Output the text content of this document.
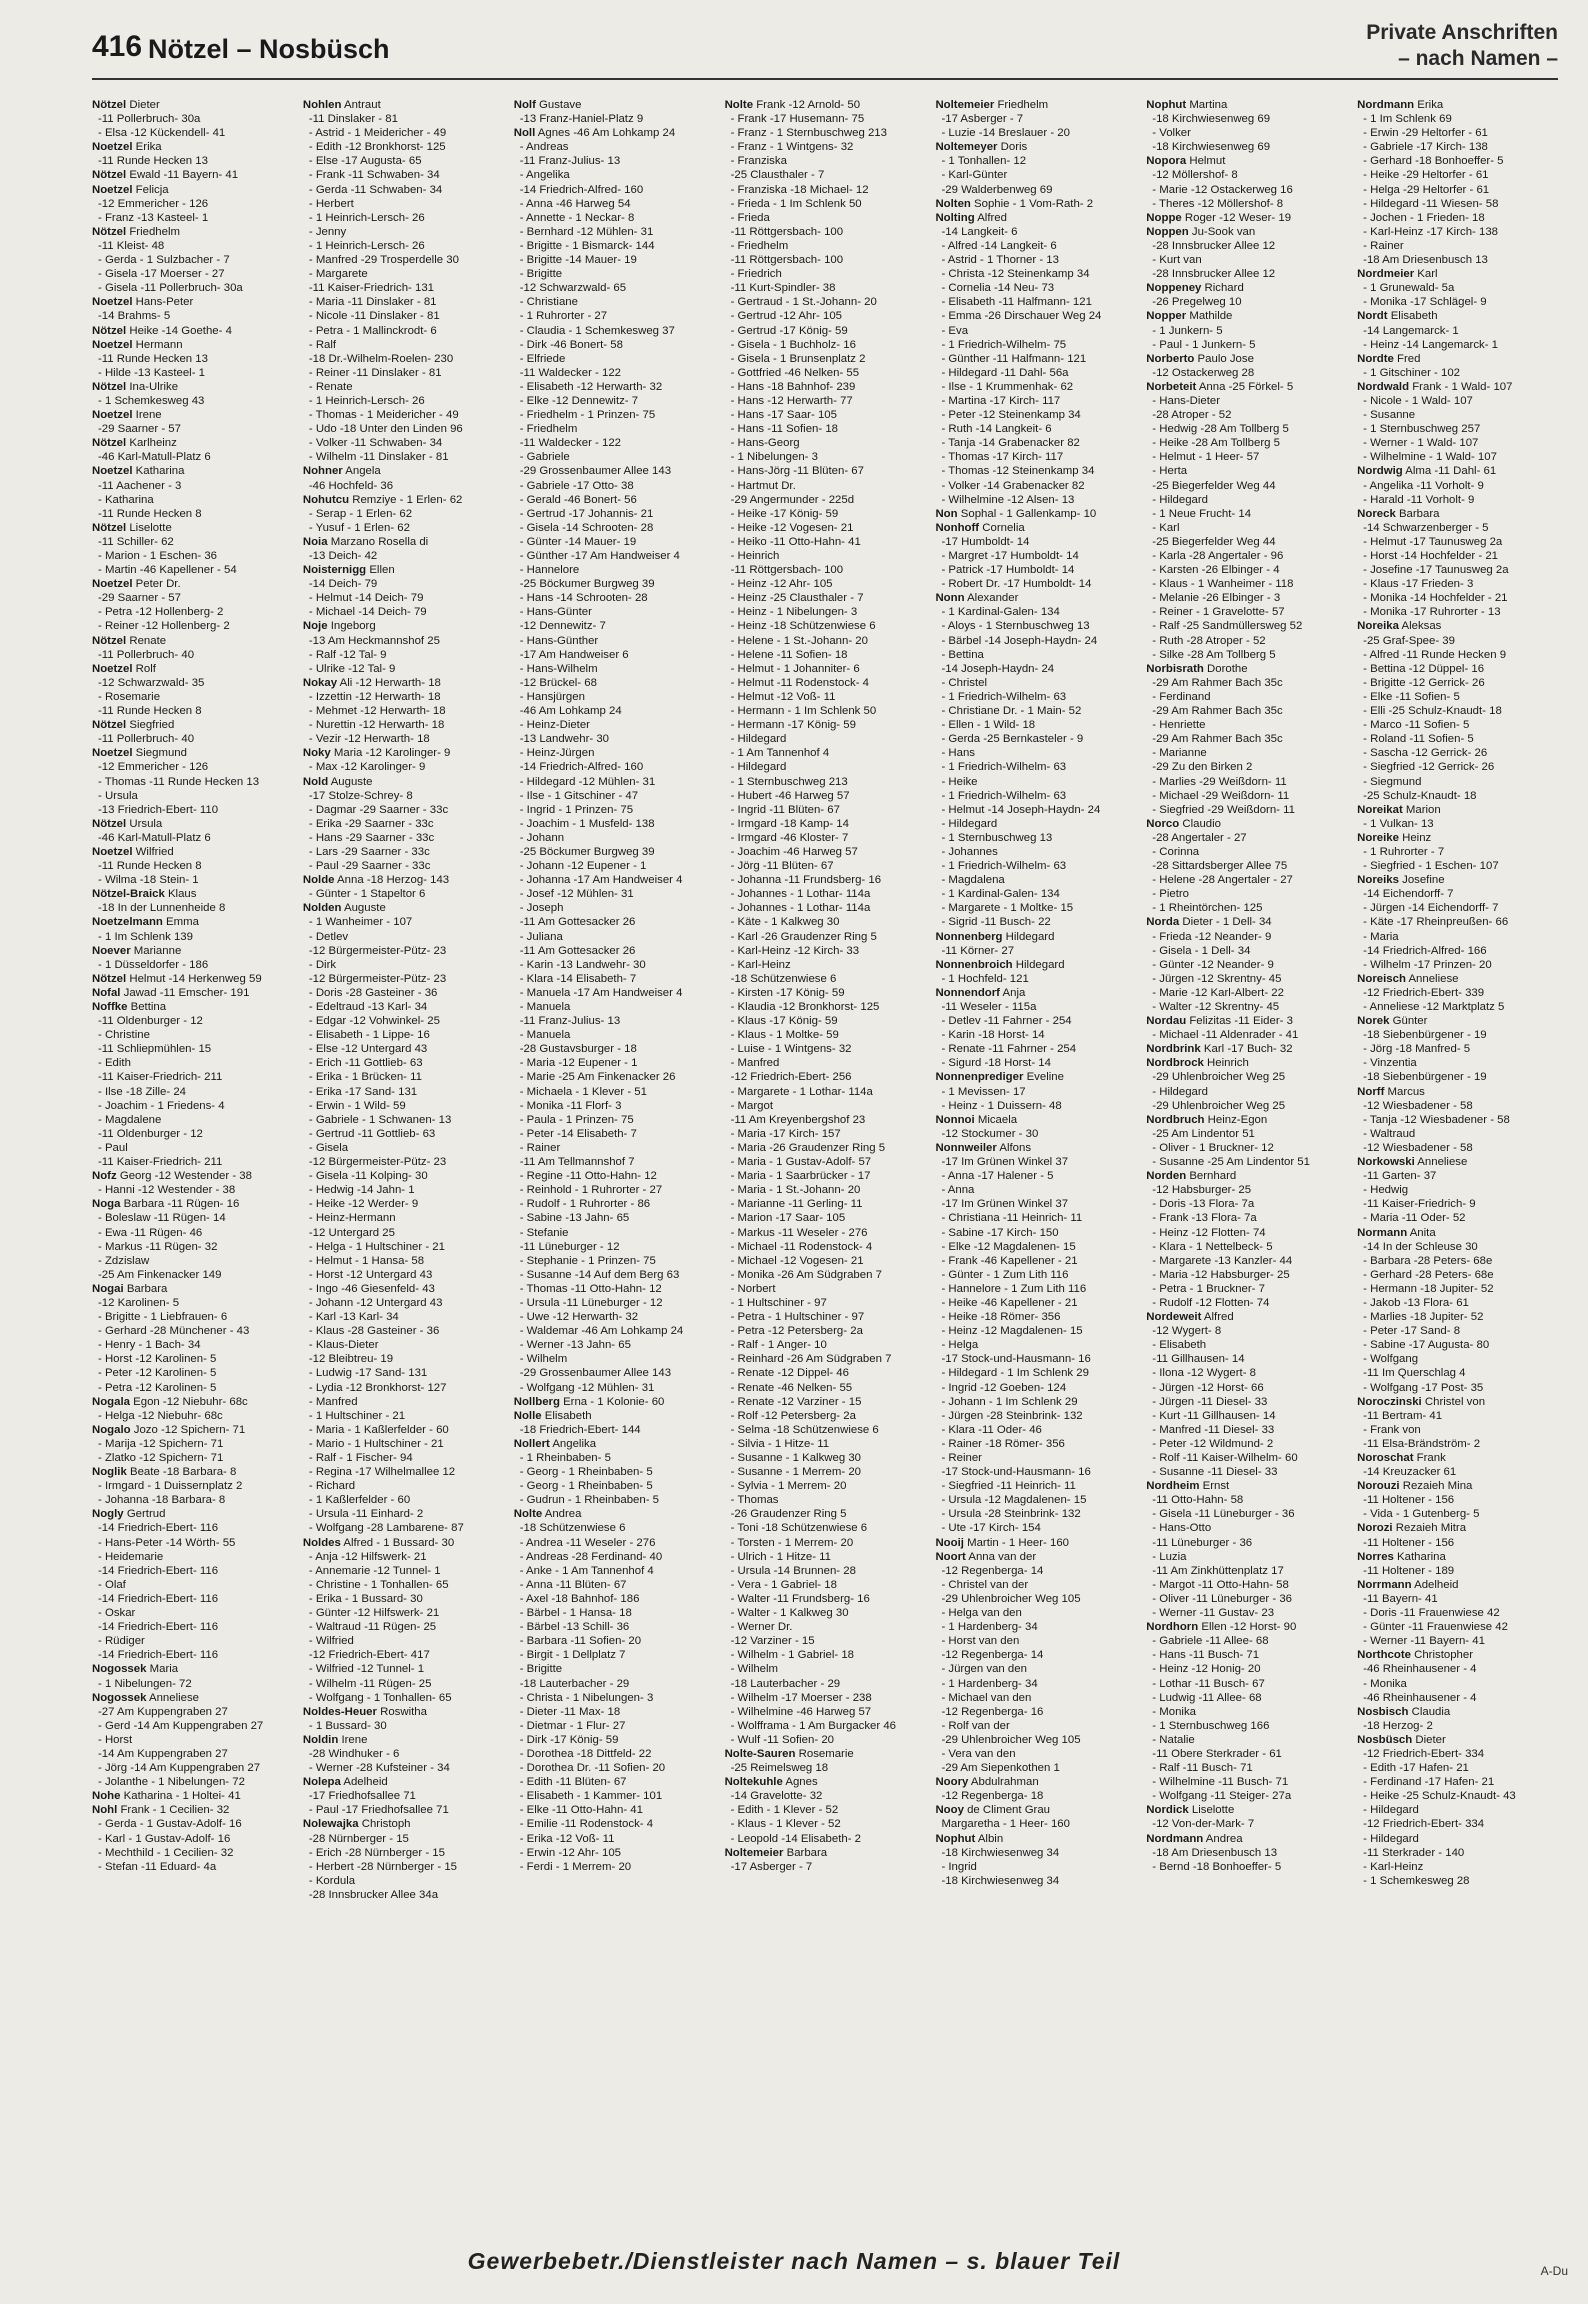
416 Nötzel – Nosbüsch
Private Anschriften
– nach Namen –
Nötzel Dieter
-11 Pollerbruch- 30a
- Elsa -12 Kückendell- 41
Noetzel Erika
-11 Runde Hecken 13
Nötzel Ewald -11 Bayern- 41
Noetzel Felicja
-12 Emmericher - 126
- Franz -13 Kasteel- 1
Nötzel Friedhelm
-11 Kleist- 48
- Gerda - 1 Sulzbacher - 7
- Gisela -17 Moerser - 27
- Gisela -11 Pollerbruch- 30a
Noetzel Hans-Peter
-14 Brahms- 5
Nötzel Heike -14 Goethe- 4
Noetzel Hermann
-11 Runde Hecken 13
- Hilde -13 Kasteel- 1
Nötzel Ina-Ulrike
- 1 Schemkesweg 43
Noetzel Irene
-29 Saarner - 57
Nötzel Karlheinz
-46 Karl-Matull-Platz 6
Noetzel Katharina
-11 Aachener - 3
- Katharina
-11 Runde Hecken 8
Nötzel Liselotte
-11 Schiller- 62
- Marion - 1 Eschen- 36
- Martin -46 Kapellener - 54
Noetzel Peter Dr.
-29 Saarner - 57
- Petra -12 Hollenberg- 2
- Reiner -12 Hollenberg- 2
Nötzel Renate
-11 Pollerbruch- 40
Noetzel Rolf
-12 Schwarzwald- 35
- Rosemarie
-11 Runde Hecken 8
Nötzel Siegfried
-11 Pollerbruch- 40
Noetzel Siegmund
-12 Emmericher - 126
- Thomas -11 Runde Hecken 13
- Ursula
-13 Friedrich-Ebert- 110
Nötzel Ursula
-46 Karl-Matull-Platz 6
Noetzel Wilfried
-11 Runde Hecken 8
- Wilma -18 Stein- 1
Nötzel-Braick Klaus
-18 In der Lunnenheide 8
Noetzelmann Emma
- 1 Im Schlenk 139
Noever Marianne
- 1 Düsseldorfer - 186
Nötzel Helmut -14 Herkenweg 59
Nofal Jawad -11 Emscher- 191
Noffke Bettina
-11 Oldenburger - 12
- Christine
-11 Schliepmühlen- 15
- Edith
-11 Kaiser-Friedrich- 211
- Ilse -18 Zille- 24
- Joachim - 1 Friedens- 4
- Magdalene
-11 Oldenburger - 12
- Paul
-11 Kaiser-Friedrich- 211
Nofz Georg -12 Westender - 38
- Hanni -12 Westender - 38
Noga Barbara -11 Rügen- 16
- Boleslaw -11 Rügen- 14
- Ewa -11 Rügen- 46
- Markus -11 Rügen- 32
- Zdzislaw
-25 Am Finkenacker 149
Nogai Barbara
-12 Karolinen- 5
- Brigitte - 1 Liebfrauen- 6
- Gerhard -28 Münchener - 43
- Henry - 1 Bach- 34
- Horst -12 Karolinen- 5
- Peter -12 Karolinen- 5
- Petra -12 Karolinen- 5
Nogala Egon -12 Niebuhr- 68c
- Helga -12 Niebuhr- 68c
Nogalo Jozo -12 Spichern- 71
- Marija -12 Spichern- 71
- Zlatko -12 Spichern- 71
Noglik Beate -18 Barbara- 8
- Irmgard - 1 Duissernplatz 2
- Johanna -18 Barbara- 8
Nogly Gertrud
-14 Friedrich-Ebert- 116
- Hans-Peter -14 Wörth- 55
- Heidemarie
-14 Friedrich-Ebert- 116
- Olaf
-14 Friedrich-Ebert- 116
- Oskar
-14 Friedrich-Ebert- 116
- Rüdiger
-14 Friedrich-Ebert- 116
Nogossek Maria
- 1 Nibelungen- 72
Nogossek Anneliese
-27 Am Kuppengraben 27
- Gerd -14 Am Kuppengraben 27
- Horst
-14 Am Kuppengraben 27
- Jörg -14 Am Kuppengraben 27
- Jolanthe - 1 Nibelungen- 72
Nohe Katharina - 1 Holtei- 41
Nohl Frank - 1 Cecilien- 32
- Gerda - 1 Gustav-Adolf- 16
- Karl - 1 Gustav-Adolf- 16
- Mechthild - 1 Cecilien- 32
- Stefan -11 Eduard- 4a
Nohlen Antraut
-11 Dinslaker - 81
- Astrid - 1 Meidericher - 49
- Edith -12 Bronkhorst- 125
- Else -17 Augusta- 65
- Frank -11 Schwaben- 34
- Gerda -11 Schwaben- 34
- Herbert
- 1 Heinrich-Lersch- 26
- Jenny
- 1 Heinrich-Lersch- 26
- Manfred -29 Trosperdelle 30
- Margarete
-11 Kaiser-Friedrich- 131
- Maria -11 Dinslaker - 81
- Nicole -11 Dinslaker - 81
- Petra - 1 Mallinckrodt- 6
- Ralf
-18 Dr.-Wilhelm-Roelen- 230
- Reiner -11 Dinslaker - 81
- Renate
- 1 Heinrich-Lersch- 26
- Thomas - 1 Meidericher - 49
- Udo -18 Unter den Linden 96
- Volker -11 Schwaben- 34
- Wilhelm -11 Dinslaker - 81
Nohner Angela
-46 Hochfeld- 36
Nohutcu Remziye - 1 Erlen- 62
- Serap - 1 Erlen- 62
- Yusuf - 1 Erlen- 62
Noia Marzano Rosella di
-13 Deich- 42
Noisternigg Ellen
-14 Deich- 79
- Helmut -14 Deich- 79
- Michael -14 Deich- 79
Noje Ingeborg
-13 Am Heckmannshof 25
- Ralf -12 Tal- 9
- Ulrike -12 Tal- 9
Nokay Ali -12 Herwarth- 18
- Izzettin -12 Herwarth- 18
- Mehmet -12 Herwarth- 18
- Nurettin -12 Herwarth- 18
- Vezir -12 Herwarth- 18
Noky Maria -12 Karolinger- 9
- Max -12 Karolinger- 9
Nold Auguste
-17 Stolze-Schrey- 8
- Dagmar -29 Saarner - 33c
- Erika -29 Saarner - 33c
- Hans -29 Saarner - 33c
- Lars -29 Saarner - 33c
- Paul -29 Saarner - 33c
Nolde Anna -18 Herzog- 143
- Günter - 1 Stapeltor 6
Nolden Auguste
- 1 Wanheimer - 107
- Detlev
-12 Bürgermeister-Pütz- 23
- Dirk
-12 Bürgermeister-Pütz- 23
- Doris -28 Gasteiner - 36
- Edeltraud -13 Karl- 34
- Edgar -12 Vohwinkel- 25
- Elisabeth - 1 Lippe- 16
- Else -12 Untergard 43
- Erich -11 Gottlieb- 63
- Erika - 1 Brücken- 11
- Erika -17 Sand- 131
- Erwin - 1 Wild- 59
- Gabriele - 1 Schwanen- 13
- Gertrud -11 Gottlieb- 63
- Gisela
-12 Bürgermeister-Pütz- 23
- Gisela -11 Kolping- 30
- Hedwig -14 Jahn- 1
- Heike -12 Werder- 9
- Heinz-Hermann
-12 Untergard 25
- Helga - 1 Hultschiner - 21
- Helmut - 1 Hansa- 58
- Horst -12 Untergard 43
- Ingo -46 Giesenfeld- 43
- Johann -12 Untergard 43
- Karl -13 Karl- 34
- Klaus -28 Gasteiner - 36
- Klaus-Dieter
-12 Bleibtreu- 19
- Ludwig -17 Sand- 131
- Lydia -12 Bronkhorst- 127
- Manfred
- 1 Hultschiner - 21
- Maria - 1 Kaßlerfelder - 60
- Mario - 1 Hultschiner - 21
- Ralf - 1 Fischer- 94
- Regina -17 Wilhelmallee 12
- Richard
- 1 Kaßlerfelder - 60
- Ursula -11 Einhard- 2
- Wolfgang -28 Lambarene- 87
Noldes Alfred - 1 Bussard- 30
- Anja -12 Hilfswerk- 21
- Annemarie -12 Tunnel- 1
- Christine - 1 Tonhallen- 65
- Erika - 1 Bussard- 30
- Günter -12 Hilfswerk- 21
- Waltraud -11 Rügen- 25
- Wilfried
-12 Friedrich-Ebert- 417
- Wilfried -12 Tunnel- 1
- Wilhelm -11 Rügen- 25
- Wolfgang - 1 Tonhallen- 65
Noldes-Heuer Roswitha
- 1 Bussard- 30
Noldin Irene
-28 Windhuker - 6
- Werner -28 Kufsteiner - 34
Nolepa Adelheid
-17 Friedhofsallee 71
- Paul -17 Friedhofsallee 71
Nolewajka Christoph
-28 Nürnberger - 15
- Erich -28 Nürnberger - 15
- Herbert -28 Nürnberger - 15
- Kordula
-28 Innsbrucker Allee 34a
Nolf Gustave
-13 Franz-Haniel-Platz 9
Noll Agnes -46 Am Lohkamp 24
- Andreas
-11 Franz-Julius- 13
- Angelika
-14 Friedrich-Alfred- 160
- Anna -46 Harweg 54
- Annette - 1 Neckar- 8
- Bernhard -12 Mühlen- 31
- Brigitte - 1 Bismarck- 144
- Brigitte -14 Mauer- 19
- Brigitte
-12 Schwarzwald- 65
- Christiane
- 1 Ruhrorter - 27
- Claudia - 1 Schemkesweg 37
- Dirk -46 Bonert- 58
- Elfriede
-11 Waldecker - 122
- Elisabeth -12 Herwarth- 32
- Elke -12 Dennewitz- 7
- Friedhelm - 1 Prinzen- 75
- Friedhelm
-11 Waldecker - 122
- Gabriele
-29 Grossenbaumer Allee 143
- Gabriele -17 Otto- 38
- Gerald -46 Bonert- 56
- Gertrud -17 Johannis- 21
- Gisela -14 Schrooten- 28
- Günter -14 Mauer- 19
- Günther -17 Am Handweiser 4
- Hannelore
-25 Böckumer Burgweg 39
- Hans -14 Schrooten- 28
- Hans-Günter
-12 Dennewitz- 7
- Hans-Günther
-17 Am Handweiser 6
- Hans-Wilhelm
-12 Brückel- 68
- Hansjürgen
-46 Am Lohkamp 24
- Heinz-Dieter
-13 Landwehr- 30
- Heinz-Jürgen
-14 Friedrich-Alfred- 160
- Hildegard -12 Mühlen- 31
- Ilse - 1 Gitschiner - 47
- Ingrid - 1 Prinzen- 75
- Joachim - 1 Musfeld- 138
- Johann
-25 Böckumer Burgweg 39
- Johann -12 Eupener - 1
- Johanna -17 Am Handweiser 4
- Josef -12 Mühlen- 31
- Joseph
-11 Am Gottesacker 26
- Juliana
-11 Am Gottesacker 26
- Karin -13 Landwehr- 30
- Klara -14 Elisabeth- 7
- Manuela -17 Am Handweiser 4
- Manuela
-11 Franz-Julius- 13
- Manuela
-28 Gustavsburger - 18
- Maria -12 Eupener - 1
- Marie -25 Am Finkenacker 26
- Michaela - 1 Klever - 51
- Monika -11 Florf- 3
- Paula - 1 Prinzen- 75
- Peter -14 Elisabeth- 7
- Rainer
-11 Am Tellmannshof 7
- Regine -11 Otto-Hahn- 12
- Reinhold - 1 Ruhrorter - 27
- Rudolf - 1 Ruhrorter - 86
- Sabine -13 Jahn- 65
- Stefanie
-11 Lüneburger - 12
- Stephanie - 1 Prinzen- 75
- Susanne -14 Auf dem Berg 63
- Thomas -11 Otto-Hahn- 12
- Ursula -11 Lüneburger - 12
- Uwe -12 Herwarth- 32
- Waldemar -46 Am Lohkamp 24
- Werner -13 Jahn- 65
- Wilhelm
-29 Grossenbaumer Allee 143
- Wolfgang -12 Mühlen- 31
Nollberg Erna - 1 Kolonie- 60
Nolle Elisabeth
-18 Friedrich-Ebert- 144
Nollert Angelika
- 1 Rheinbaben- 5
- Georg - 1 Rheinbaben- 5
- Georg - 1 Rheinbaben- 5
- Gudrun - 1 Rheinbaben- 5
Nolte Andrea
-18 Schützenwiese 6
- Andrea -11 Weseler - 276
- Andreas -28 Ferdinand- 40
- Anke - 1 Am Tannenhof 4
- Anna -11 Blüten- 67
- Axel -18 Bahnhof- 186
- Bärbel - 1 Hansa- 18
- Bärbel -13 Schill- 36
- Barbara -11 Sofien- 20
- Birgit - 1 Dellplatz 7
- Brigitte
-18 Lauterbacher - 29
- Christa - 1 Nibelungen- 3
- Dieter -11 Max- 18
- Dietmar - 1 Flur- 27
- Dirk -17 König- 59
- Dorothea -18 Dittfeld- 22
- Dorothea Dr. -11 Sofien- 20
- Edith -11 Blüten- 67
- Elisabeth - 1 Kammer- 101
- Elke -11 Otto-Hahn- 41
- Emilie -11 Rodenstock- 4
- Erika -12 Voß- 11
- Erwin -12 Ahr- 105
- Ferdi - 1 Merrem- 20
Nolte Frank -12 Arnold- 50
- Frank -17 Husemann- 75
- Franz - 1 Sternbuschweg 213
- Franz - 1 Wintgens- 32
- Franziska
-25 Clausthaler - 7
- Franziska -18 Michael- 12
- Frieda - 1 Im Schlenk 50
- Frieda
-11 Röttgersbach- 100
- Friedhelm
-11 Röttgersbach- 100
- Friedrich
-11 Kurt-Spindler- 38
- Gertraud - 1 St.-Johann- 20
- Gertrud -12 Ahr- 105
- Gertrud -17 König- 59
- Gisela - 1 Buchholz- 16
- Gisela - 1 Brunsenplatz 2
- Gottfried -46 Nelken- 55
- Hans -18 Bahnhof- 239
- Hans -12 Herwarth- 77
- Hans -17 Saar- 105
- Hans -11 Sofien- 18
- Hans-Georg
- 1 Nibelungen- 3
- Hans-Jörg -11 Blüten- 67
- Hartmut Dr.
-29 Angermunder - 225d
- Heike -17 König- 59
- Heike -12 Vogesen- 21
- Heiko -11 Otto-Hahn- 41
- Heinrich
-11 Röttgersbach- 100
- Heinz -12 Ahr- 105
- Heinz -25 Clausthaler - 7
- Heinz - 1 Nibelungen- 3
- Heinz -18 Schützenwiese 6
- Helene - 1 St.-Johann- 20
- Helene -11 Sofien- 18
- Helmut - 1 Johanniter- 6
- Helmut -11 Rodenstock- 4
- Helmut -12 Voß- 11
- Hermann - 1 Im Schlenk 50
- Hermann -17 König- 59
- Hildegard
- 1 Am Tannenhof 4
- Hildegard
- 1 Sternbuschweg 213
- Hubert -46 Harweg 57
- Ingrid -11 Blüten- 67
- Irmgard -18 Kamp- 14
- Irmgard -46 Kloster- 7
- Joachim -46 Harweg 57
- Jörg -11 Blüten- 67
- Johanna -11 Frundsberg- 16
- Johannes - 1 Lothar- 114a
- Johannes - 1 Lothar- 114a
- Käte - 1 Kalkweg 30
- Karl -26 Graudenzer Ring 5
- Karl-Heinz -12 Kirch- 33
- Karl-Heinz
-18 Schützenwiese 6
- Kirsten -17 König- 59
- Klaudia -12 Bronkhorst- 125
- Klaus -17 König- 59
- Klaus - 1 Moltke- 59
- Luise - 1 Wintgens- 32
- Manfred
-12 Friedrich-Ebert- 256
- Margarete - 1 Lothar- 114a
- Margot
-11 Am Kreyenbergshof 23
- Maria -17 Kirch- 157
- Maria -26 Graudenzer Ring 5
- Maria - 1 Gustav-Adolf- 57
- Maria - 1 Saarbrücker - 17
- Maria - 1 St.-Johann- 20
- Marianne -11 Gerling- 11
- Marion -17 Saar- 105
- Markus -11 Weseler - 276
- Michael -11 Rodenstock- 4
- Michael -12 Vogesen- 21
- Monika -26 Am Südgraben 7
- Norbert
- 1 Hultschiner - 97
- Petra - 1 Hultschiner - 97
- Petra -12 Petersberg- 2a
- Ralf - 1 Anger- 10
- Reinhard -26 Am Südgraben 7
- Renate -12 Dippel- 46
- Renate -46 Nelken- 55
- Renate -12 Varziner - 15
- Rolf -12 Petersberg- 2a
- Selma -18 Schützenwiese 6
- Silvia - 1 Hitze- 11
- Susanne - 1 Kalkweg 30
- Susanne - 1 Merrem- 20
- Sylvia - 1 Merrem- 20
- Thomas
-26 Graudenzer Ring 5
- Toni -18 Schützenwiese 6
- Torsten - 1 Merrem- 20
- Ulrich - 1 Hitze- 11
- Ursula -14 Brunnen- 28
- Vera - 1 Gabriel- 18
- Walter -11 Frundsberg- 16
- Walter - 1 Kalkweg 30
- Werner Dr.
-12 Varziner - 15
- Wilhelm - 1 Gabriel- 18
- Wilhelm
-18 Lauterbacher - 29
- Wilhelm -17 Moerser - 238
- Wilhelmine -46 Harweg 57
- Wolfframa - 1 Am Burgacker 46
- Wulf -11 Sofien- 20
Nolte-Sauren Rosemarie
-25 Reimelsweg 18
Noltekuhle Agnes
-14 Gravelotte- 32
- Edith - 1 Klever - 52
- Klaus - 1 Klever - 52
- Leopold -14 Elisabeth- 2
Noltemeier Barbara
-17 Asberger - 7
Noltemeier Friedhelm
-17 Asberger - 7
- Luzie -14 Breslauer - 20
Noltemeyer Doris
- 1 Tonhallen- 12
- Karl-Günter
-29 Walderbenweg 69
Nolten Sophie - 1 Vom-Rath- 2
Nolting Alfred
-14 Langkeit- 6
- Alfred -14 Langkeit- 6
- Astrid - 1 Thorner - 13
- Christa -12 Steinenkamp 34
- Cornelia -14 Neu- 73
- Elisabeth -11 Halfmann- 121
- Emma -26 Dirschauer Weg 24
- Eva
- 1 Friedrich-Wilhelm- 75
- Günther -11 Halfmann- 121
- Hildegard -11 Dahl- 56a
- Ilse - 1 Krummenhak- 62
- Martina -17 Kirch- 117
- Peter -12 Steinenkamp 34
- Ruth -14 Langkeit- 6
- Tanja -14 Grabenacker 82
- Thomas -17 Kirch- 117
- Thomas -12 Steinenkamp 34
- Volker -14 Grabenacker 82
- Wilhelmine -12 Alsen- 13
Non Sophal - 1 Gallenkamp- 10
Nonhoff Cornelia
-17 Humboldt- 14
- Margret -17 Humboldt- 14
- Patrick -17 Humboldt- 14
- Robert Dr. -17 Humboldt- 14
Nonn Alexander
- 1 Kardinal-Galen- 134
- Aloys - 1 Sternbuschweg 13
- Bärbel -14 Joseph-Haydn- 24
- Bettina
-14 Joseph-Haydn- 24
- Christel
- 1 Friedrich-Wilhelm- 63
- Christiane Dr. - 1 Main- 52
- Ellen - 1 Wild- 18
- Gerda -25 Bernkasteler - 9
- Hans
- 1 Friedrich-Wilhelm- 63
- Heike
- 1 Friedrich-Wilhelm- 63
- Helmut -14 Joseph-Haydn- 24
- Hildegard
- 1 Sternbuschweg 13
- Johannes
- 1 Friedrich-Wilhelm- 63
- Magdalena
- 1 Kardinal-Galen- 134
- Margarete - 1 Moltke- 15
- Sigrid -11 Busch- 22
Nonnenberg Hildegard
-11 Körner- 27
Nonnenbroich Hildegard
- 1 Hochfeld- 121
Nonnendorf Anja
-11 Weseler - 115a
- Detlev -11 Fahrner - 254
- Karin -18 Horst- 14
- Renate -11 Fahrner - 254
- Sigurd -18 Horst- 14
Nonnenprediger Eveline
- 1 Mevissen- 17
- Heinz - 1 Duissern- 48
Nonnoi Micaela
-12 Stockumer - 30
Nonnweiler Alfons
-17 Im Grünen Winkel 37
- Anna -17 Halener - 5
- Anna
-17 Im Grünen Winkel 37
- Christiana -11 Heinrich- 11
- Sabine -17 Kirch- 150
- Elke -12 Magdalenen- 15
- Frank -46 Kapellener - 21
- Günter - 1 Zum Lith 116
- Hannelore - 1 Zum Lith 116
- Heike -46 Kapellener - 21
- Heike -18 Römer- 356
- Heinz -12 Magdalenen- 15
- Helga
-17 Stock-und-Hausmann- 16
- Hildegard - 1 Im Schlenk 29
- Ingrid -12 Goeben- 124
- Johann - 1 Im Schlenk 29
- Jürgen -28 Steinbrink- 132
- Klara -11 Oder- 46
- Rainer -18 Römer- 356
- Reiner
-17 Stock-und-Hausmann- 16
- Siegfried -11 Heinrich- 11
- Ursula -12 Magdalenen- 15
- Ursula -28 Steinbrink- 132
- Ute -17 Kirch- 154
Nooij Martin - 1 Heer- 160
Noort Anna van der
-12 Regenberga- 14
- Christel van der
-29 Uhlenbroicher Weg 105
- Helga van den
- 1 Hardenberg- 34
- Horst van den
-12 Regenberga- 14
- Jürgen van den
- 1 Hardenberg- 34
- Michael van den
-12 Regenberga- 16
- Rolf van der
-29 Uhlenbroicher Weg 105
- Vera van den
-29 Am Siepenkothen 1
Noory Abdulrahman
-12 Regenberga- 18
Nooy de Climent Grau
Margaretha - 1 Heer- 160
Nophut Albin
-18 Kirchwiesenweg 34
- Ingrid
-18 Kirchwiesenweg 34
Nophut Martina
-18 Kirchwiesenweg 69
- Volker
-18 Kirchwiesenweg 69
Nopora Helmut
-12 Möllershof- 8
- Marie -12 Ostackerweg 16
- Theres -12 Möllershof- 8
Noppe Roger -12 Weser- 19
Noppen Ju-Sook van
-28 Innsbrucker Allee 12
- Kurt van
-28 Innsbrucker Allee 12
Noppeney Richard
-26 Pregelweg 10
Nopper Mathilde
- 1 Junkern- 5
- Paul - 1 Junkern- 5
Norberto Paulo Jose
-12 Ostackerweg 28
Norbeteit Anna -25 Förkel- 5
- Hans-Dieter
-28 Atroper - 52
- Hedwig -28 Am Tollberg 5
- Heike -28 Am Tollberg 5
- Helmut - 1 Heer- 57
- Herta
-25 Biegerfelder Weg 44
- Hildegard
- 1 Neue Frucht- 14
- Karl
-25 Biegerfelder Weg 44
- Karla -28 Angertaler - 96
- Karsten -26 Elbinger - 4
- Klaus - 1 Wanheimer - 118
- Melanie -26 Elbinger - 3
- Reiner - 1 Gravelotte- 57
- Ralf -25 Sandmüllersweg 52
- Ruth -28 Atroper - 52
- Silke -28 Am Tollberg 5
Norbisrath Dorothe
-29 Am Rahmer Bach 35c
- Ferdinand
-29 Am Rahmer Bach 35c
- Henriette
-29 Am Rahmer Bach 35c
- Marianne
-29 Zu den Birken 2
- Marlies -29 Weißdorn- 11
- Michael -29 Weißdorn- 11
- Siegfried -29 Weißdorn- 11
Norco Claudio
-28 Angertaler - 27
- Corinna
-28 Sittardsberger Allee 75
- Helene -28 Angertaler - 27
- Pietro
- 1 Rheintörchen- 125
Norda Dieter - 1 Dell- 34
- Frieda -12 Neander- 9
- Gisela - 1 Dell- 34
- Günter -12 Neander- 9
- Jürgen -12 Skrentny- 45
- Marie -12 Karl-Albert- 22
- Walter -12 Skrentny- 45
Nordau Felizitas -11 Eider- 3
- Michael -11 Aldenrader - 41
Nordbrink Karl -17 Buch- 32
Nordbrock Heinrich
-29 Uhlenbroicher Weg 25
- Hildegard
-29 Uhlenbroicher Weg 25
Nordbruch Heinz-Egon
-25 Am Lindentor 51
- Oliver - 1 Bruckner- 12
- Susanne -25 Am Lindentor 51
Norden Bernhard
-12 Habsburger- 25
- Doris -13 Flora- 7a
- Frank -13 Flora- 7a
- Heinz -12 Flotten- 74
- Klara - 1 Nettelbeck- 5
- Margarete -13 Kanzler- 44
- Maria -12 Habsburger- 25
- Petra - 1 Bruckner- 7
- Rudolf -12 Flotten- 74
Nordeweit Alfred
-12 Wygert- 8
- Elisabeth
-11 Gillhausen- 14
- Ilona -12 Wygert- 8
- Jürgen -12 Horst- 66
- Jürgen -11 Diesel- 33
- Kurt -11 Gillhausen- 14
- Manfred -11 Diesel- 33
- Peter -12 Wildmund- 2
- Rolf -11 Kaiser-Wilhelm- 60
- Susanne -11 Diesel- 33
Nordheim Ernst
-11 Otto-Hahn- 58
- Gisela -11 Lüneburger - 36
- Hans-Otto
-11 Lüneburger - 36
- Luzia
-11 Am Zinkhüttenplatz 17
- Margot -11 Otto-Hahn- 58
- Oliver -11 Lüneburger - 36
- Werner -11 Gustav- 23
Nordhorn Ellen -12 Horst- 90
- Gabriele -11 Allee- 68
- Hans -11 Busch- 71
- Heinz -12 Honig- 20
- Lothar -11 Busch- 67
- Ludwig -11 Allee- 68
- Monika
- 1 Sternbuschweg 166
- Natalie
-11 Obere Sterkrader - 61
- Ralf -11 Busch- 71
- Wilhelmine -11 Busch- 71
- Wolfgang -11 Steiger- 27a
Nordick Liselotte
-12 Von-der-Mark- 7
Nordmann Andrea
-18 Am Driesenbusch 13
- Bernd -18 Bonhoeffer- 5
Nordmann Erika
- 1 Im Schlenk 69
- Erwin -29 Heltorfer - 61
- Gabriele -17 Kirch- 138
- Gerhard -18 Bonhoeffer- 5
- Heike -29 Heltorfer - 61
- Helga -29 Heltorfer - 61
- Hildegard -11 Wiesen- 58
- Jochen - 1 Frieden- 18
- Karl-Heinz -17 Kirch- 138
- Rainer
-18 Am Driesenbusch 13
Nordmeier Karl
- 1 Grunewald- 5a
- Monika -17 Schlägel- 9
Nordt Elisabeth
-14 Langemarck- 1
- Heinz -14 Langemarck- 1
Nordte Fred
- 1 Gitschiner - 102
Nordwald Frank - 1 Wald- 107
- Nicole - 1 Wald- 107
- Susanne
- 1 Sternbuschweg 257
- Werner - 1 Wald- 107
- Wilhelmine - 1 Wald- 107
Nordwig Alma -11 Dahl- 61
- Angelika -11 Vorholt- 9
- Harald -11 Vorholt- 9
Noreck Barbara
-14 Schwarzenberger - 5
- Helmut -17 Taunusweg 2a
- Horst -14 Hochfelder - 21
- Josefine -17 Taunusweg 2a
- Klaus -17 Frieden- 3
- Monika -14 Hochfelder - 21
- Monika -17 Ruhrorter - 13
Noreika Aleksas
-25 Graf-Spee- 39
- Alfred -11 Runde Hecken 9
- Bettina -12 Düppel- 16
- Brigitte -12 Gerrick- 26
- Elke -11 Sofien- 5
- Elli -25 Schulz-Knaudt- 18
- Marco -11 Sofien- 5
- Roland -11 Sofien- 5
- Sascha -12 Gerrick- 26
- Siegfried -12 Gerrick- 26
- Siegmund
-25 Schulz-Knaudt- 18
Noreikat Marion
- 1 Vulkan- 13
Noreike Heinz
- 1 Ruhrorter - 7
- Siegfried - 1 Eschen- 107
Noreiks Josefine
-14 Eichendorff- 7
- Jürgen -14 Eichendorff- 7
- Käte -17 Rheinpreußen- 66
- Maria
-14 Friedrich-Alfred- 166
- Wilhelm -17 Prinzen- 20
Noreisch Anneliese
-12 Friedrich-Ebert- 339
- Anneliese -12 Marktplatz 5
Norek Günter
-18 Siebenbürgener - 19
- Jörg -18 Manfred- 5
- Vinzentia
-18 Siebenbürgener - 19
Norff Marcus
-12 Wiesbadener - 58
- Tanja -12 Wiesbadener - 58
- Waltraud
-12 Wiesbadener - 58
Norkowski Anneliese
-11 Garten- 37
- Hedwig
-11 Kaiser-Friedrich- 9
- Maria -11 Oder- 52
Normann Anita
-14 In der Schleuse 30
- Barbara -28 Peters- 68e
- Gerhard -28 Peters- 68e
- Hermann -18 Jupiter- 52
- Jakob -13 Flora- 61
- Marlies -18 Jupiter- 52
- Peter -17 Sand- 8
- Sabine -17 Augusta- 80
- Wolfgang
-11 Im Querschlag 4
- Wolfgang -17 Post- 35
Noroczinski Christel von
-11 Bertram- 41
- Frank von
-11 Elsa-Brändström- 2
Noroschat Frank
-14 Kreuzacker 61
Norouzi Rezaieh Mina
-11 Holtener - 156
- Vida - 1 Gutenberg- 5
Norozi Rezaieh Mitra
-11 Holtener - 156
Norres Katharina
-11 Holtener - 189
Norrmann Adelheid
-11 Bayern- 41
- Doris -11 Frauenwiese 42
- Günter -11 Frauenwiese 42
- Werner -11 Bayern- 41
Northcote Christopher
-46 Rheinhausener - 4
- Monika
-46 Rheinhausener - 4
Nosbisch Claudia
-18 Herzog- 2
Nosbüsch Dieter
-12 Friedrich-Ebert- 334
- Edith -17 Hafen- 21
- Ferdinand -17 Hafen- 21
- Heike -25 Schulz-Knaudt- 43
- Hildegard
-12 Friedrich-Ebert- 334
- Hildegard
-11 Sterkrader - 140
- Karl-Heinz
- 1 Schemkesweg 28
Gewerbebetr./Dienstleister nach Namen – s. blauer Teil	A-Du
